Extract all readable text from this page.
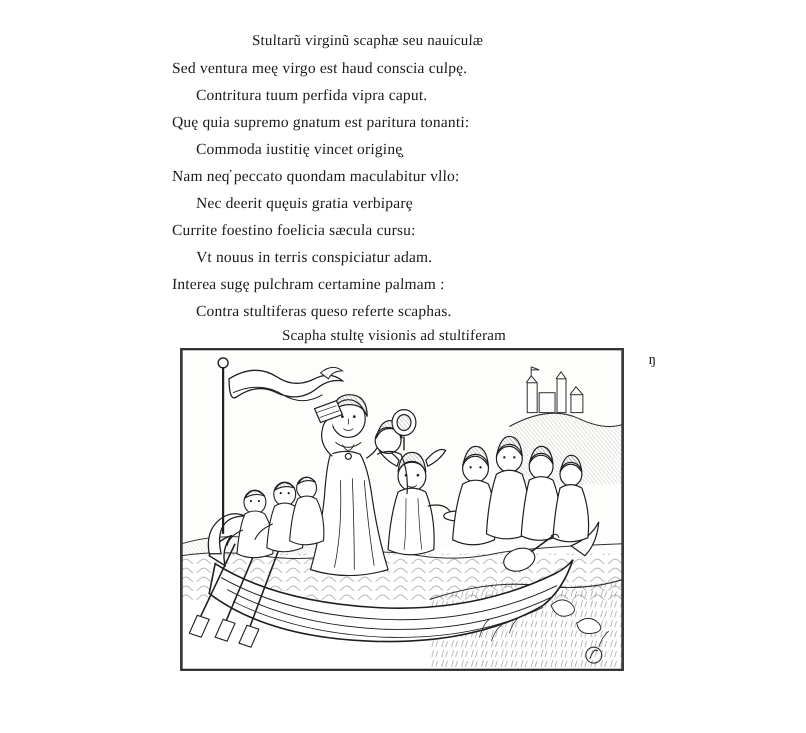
Stultarũ virginũ scaphæ seu nauiculæ
Sed ventura meę virgo est haud conscia culpę.
Contritura tuum perfida vipra caput.
Quę quia supremo gnatum est paritura tonanti:
Commoda iustitię vincet originę̧
Nam neq̕ peccato quondam maculabitur vllo:
Nec deerit quęuis gratia verbiparȩ
Currite foestino foelicia sæcula cursu:
Vt nouus in terris conspiciatur adam.
Interea sugę pulchram certamine palmam :
Contra stultiferas queso referte scaphas.
Scapha stultę visionis ad stultiferam
ŋ
